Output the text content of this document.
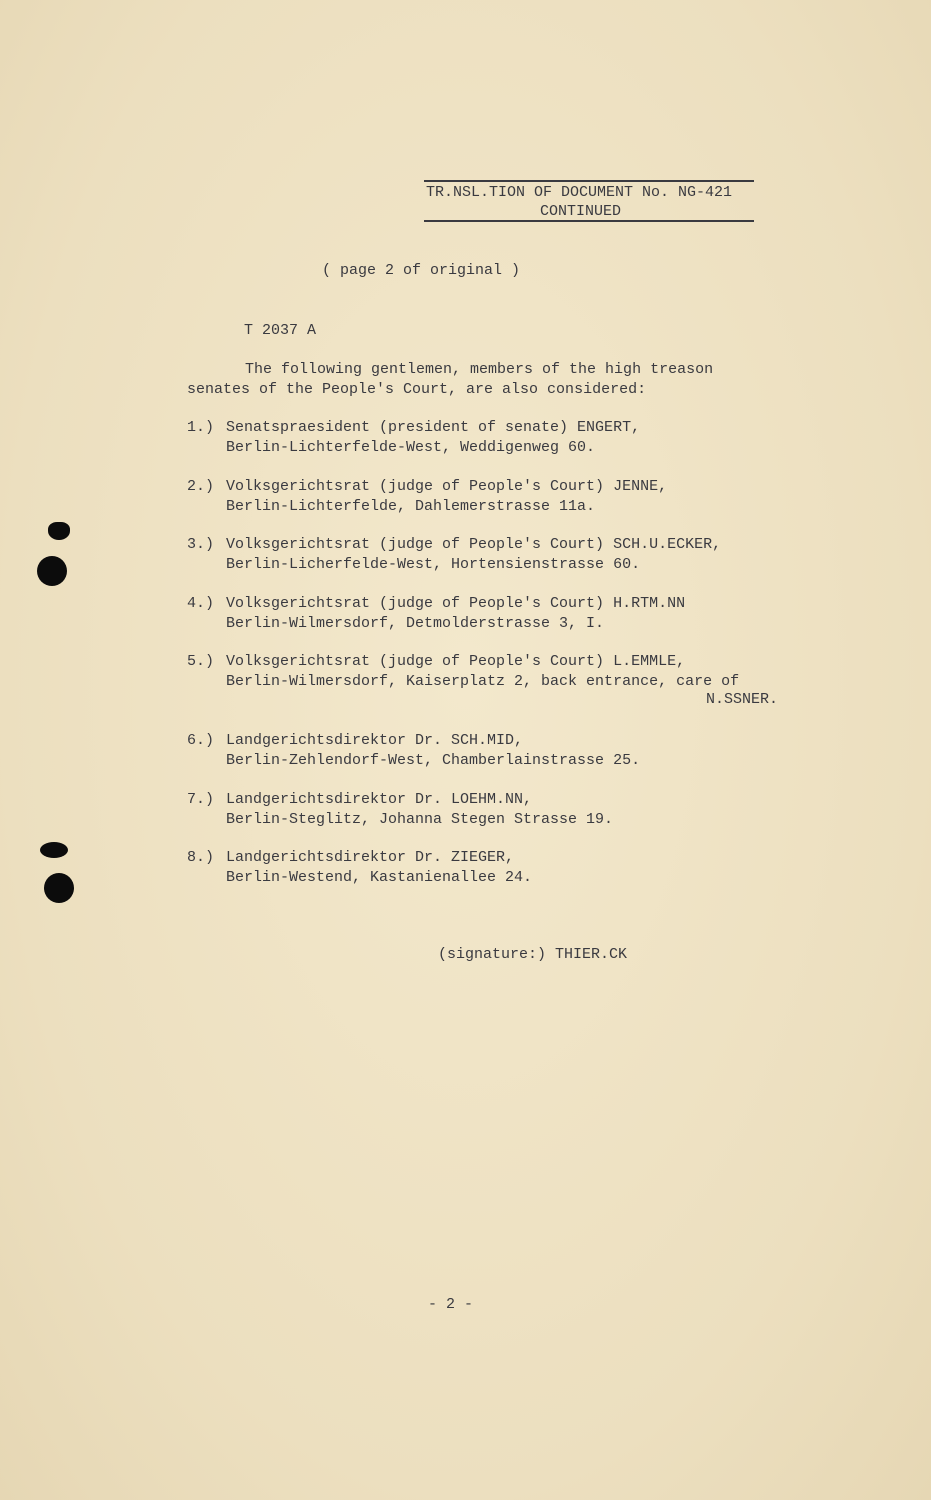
TR.NSL.TION OF DOCUMENT No. NG-421
CONTINUED
( page 2 of original )
T 2037 A
The following gentlemen, members of the high treason
senates of the People's Court, are also considered:

1.)

Senatspraesident (president of senate) ENGERT,
Berlin-Lichterfelde-West, Weddigenweg 60.

2.)

Volksgerichtsrat (judge of People's Court) JENNE,
Berlin-Lichterfelde, Dahlemerstrasse 11a.

3.)

Volksgerichtsrat (judge of People's Court) SCH.U.ECKER,
Berlin-Licherfelde-West, Hortensienstrasse 60.

4.)

Volksgerichtsrat (judge of People's Court) H.RTM.NN
Berlin-Wilmersdorf, Detmolderstrasse 3, I.

5.)

Volksgerichtsrat (judge of People's Court) L.EMMLE,
Berlin-Wilmersdorf, Kaiserplatz 2, back entrance, care of

N.SSNER.

6.)

Landgerichtsdirektor Dr. SCH.MID,
Berlin-Zehlendorf-West, Chamberlainstrasse 25.

7.)

Landgerichtsdirektor Dr. LOEHM.NN,
Berlin-Steglitz, Johanna Stegen Strasse 19.

8.)

Landgerichtsdirektor Dr. ZIEGER,
Berlin-Westend, Kastanienallee 24.

(signature:) THIER.CK
- 2 -
